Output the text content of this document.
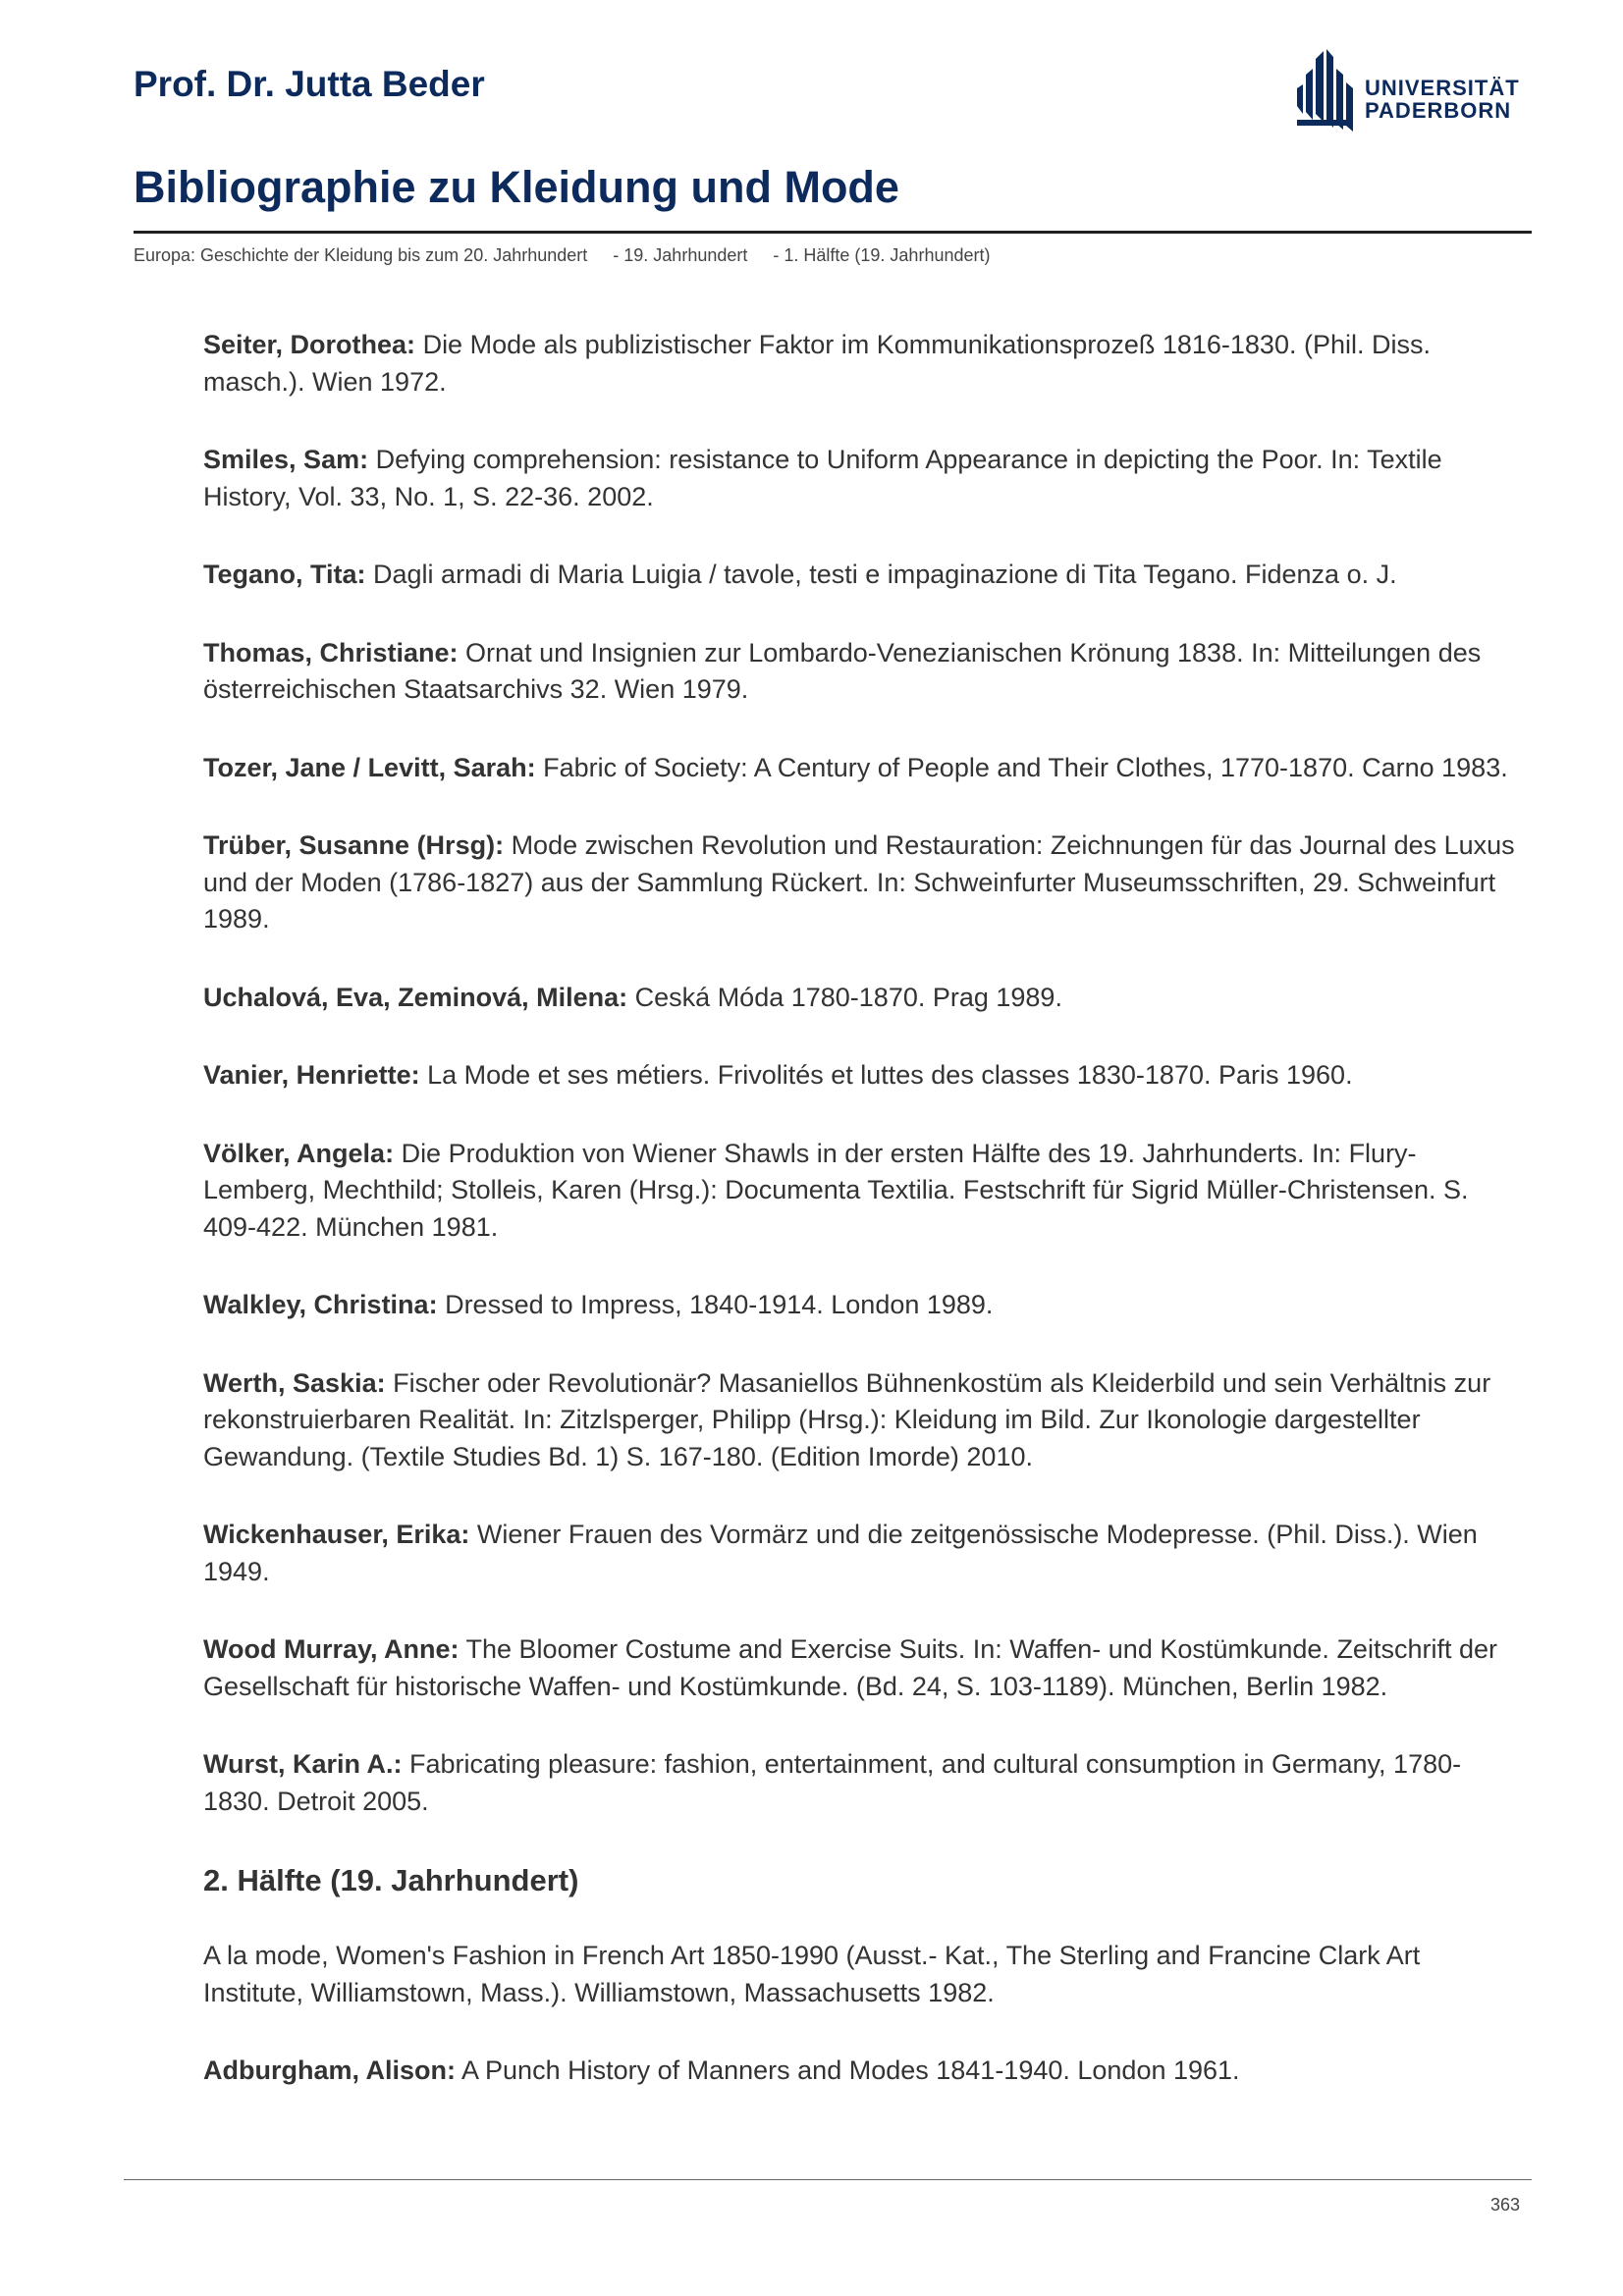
Prof. Dr. Jutta Beder	UNIVERSITÄT
PADERBORN
Bibliographie zu Kleidung und Mode
Europa: Geschichte der Kleidung bis zum 20. Jahrhundert - 19. Jahrhundert - 1. Hälfte (19. Jahrhundert)

Seiter, Dorothea: Die Mode als publizistischer Faktor im Kommunikationsprozeß 1816-1830. (Phil. Diss. masch.). Wien 1972.

Smiles, Sam: Defying comprehension: resistance to Uniform Appearance in depicting the Poor. In: Textile History, Vol. 33, No. 1, S. 22-36. 2002.

Tegano, Tita: Dagli armadi di Maria Luigia / tavole, testi e impaginazione di Tita Tegano. Fidenza o. J.

Thomas, Christiane: Ornat und Insignien zur Lombardo-Venezianischen Krönung 1838. In: Mitteilungen des österreichischen Staatsarchivs 32. Wien 1979.

Tozer, Jane / Levitt, Sarah: Fabric of Society: A Century of People and Their Clothes, 1770-1870. Carno 1983.

Trüber, Susanne (Hrsg): Mode zwischen Revolution und Restauration: Zeichnungen für das Journal des Luxus und der Moden (1786-1827) aus der Sammlung Rückert. In: Schweinfurter Museumsschriften, 29. Schweinfurt 1989.

Uchalová, Eva, Zeminová, Milena: Ceská Móda 1780-1870. Prag 1989.

Vanier, Henriette: La Mode et ses métiers. Frivolités et luttes des classes 1830-1870. Paris 1960.

Völker, Angela: Die Produktion von Wiener Shawls in der ersten Hälfte des 19. Jahrhunderts. In: Flury-Lemberg, Mechthild; Stolleis, Karen (Hrsg.): Documenta Textilia. Festschrift für Sigrid Müller-Christensen. S. 409-422. München 1981.

Walkley, Christina: Dressed to Impress, 1840-1914. London 1989.

Werth, Saskia: Fischer oder Revolutionär? Masaniellos Bühnenkostüm als Kleiderbild und sein Verhältnis zur rekonstruierbaren Realität. In: Zitzlsperger, Philipp (Hrsg.): Kleidung im Bild. Zur Ikonologie dargestellter Gewandung. (Textile Studies Bd. 1) S. 167-180. (Edition Imorde) 2010.

Wickenhauser, Erika: Wiener Frauen des Vormärz und die zeitgenössische Modepresse. (Phil. Diss.). Wien 1949.

Wood Murray, Anne: The Bloomer Costume and Exercise Suits. In: Waffen- und Kostümkunde. Zeitschrift der Gesellschaft für historische Waffen- und Kostümkunde. (Bd. 24, S. 103-1189). München, Berlin 1982.

Wurst, Karin A.: Fabricating pleasure: fashion, entertainment, and cultural consumption in Germany, 1780-1830. Detroit 2005.

2. Hälfte (19. Jahrhundert)

A la mode, Women's Fashion in French Art 1850-1990 (Ausst.- Kat., The Sterling and Francine Clark Art Institute, Williamstown, Mass.). Williamstown, Massachusetts 1982.

Adburgham, Alison: A Punch History of Manners and Modes 1841-1940. London 1961.

363
